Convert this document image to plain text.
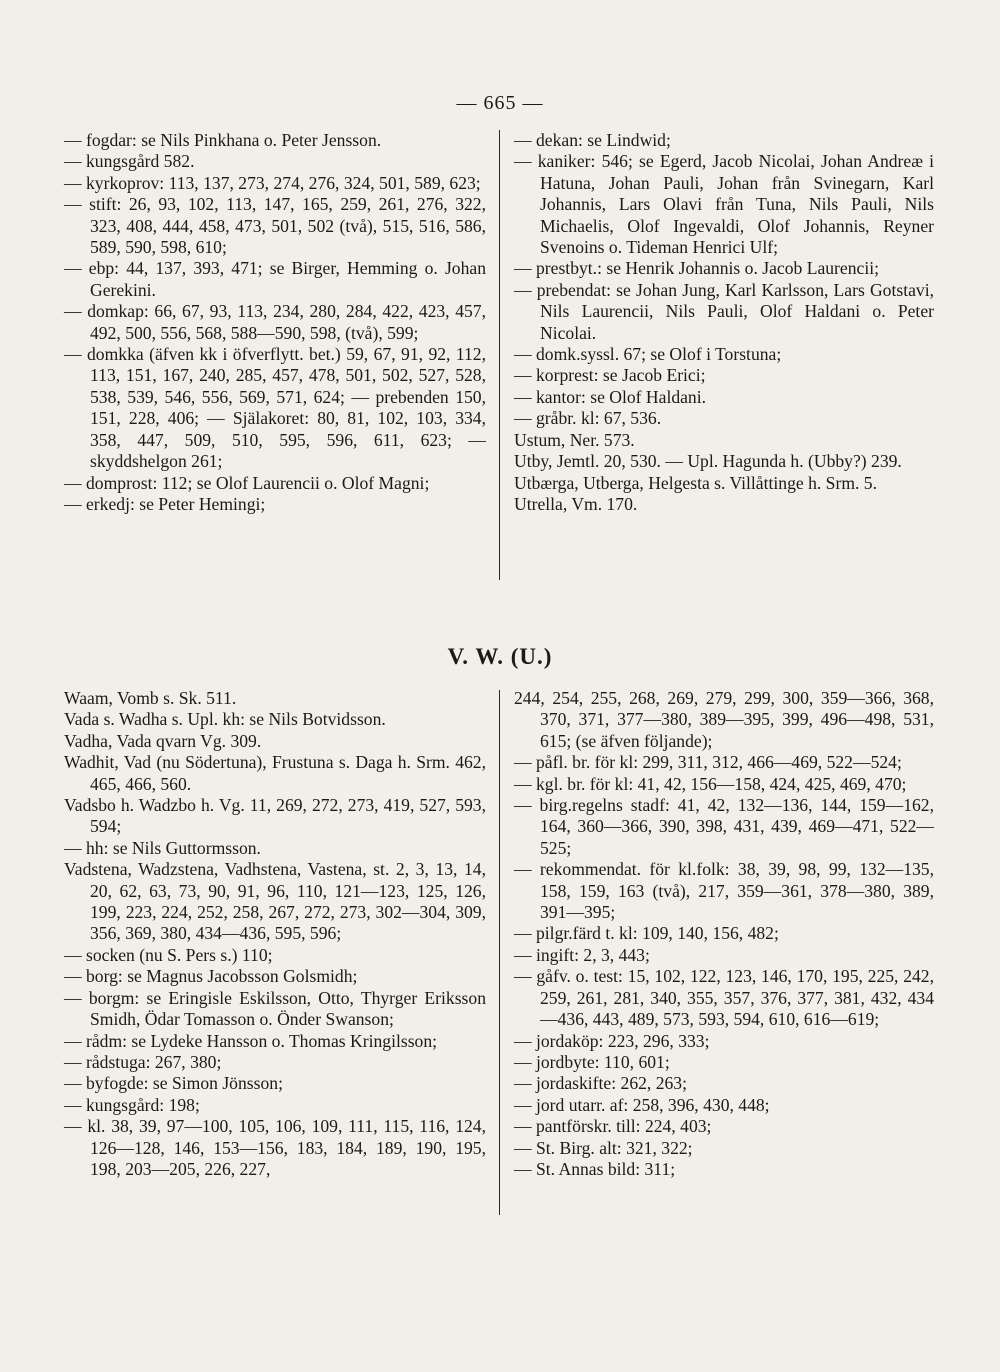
— 665 —

— fogdar: se Nils Pinkhana o. Peter Jensson.

— kungsgård 582.

— kyrkoprov: 113, 137, 273, 274, 276, 324, 501, 589, 623;

— stift: 26, 93, 102, 113, 147, 165, 259, 261, 276, 322, 323, 408, 444, 458, 473, 501, 502 (två), 515, 516, 586, 589, 590, 598, 610;

— ebp: 44, 137, 393, 471; se Birger, Hemming o. Johan Gerekini.

— domkap: 66, 67, 93, 113, 234, 280, 284, 422, 423, 457, 492, 500, 556, 568, 588—590, 598, (två), 599;

— domkka (äfven kk i öfverflytt. bet.) 59, 67, 91, 92, 112, 113, 151, 167, 240, 285, 457, 478, 501, 502, 527, 528, 538, 539, 546, 556, 569, 571, 624; — prebenden 150, 151, 228, 406; — Själakoret: 80, 81, 102, 103, 334, 358, 447, 509, 510, 595, 596, 611, 623; — skyddshelgon 261;

— domprost: 112; se Olof Laurencii o. Olof Magni;

— erkedj: se Peter Hemingi;

— dekan: se Lindwid;

— kaniker: 546; se Egerd, Jacob Nicolai, Johan Andreæ i Hatuna, Johan Pauli, Johan från Svinegarn, Karl Johannis, Lars Olavi från Tuna, Nils Pauli, Nils Michaelis, Olof Ingevaldi, Olof Johannis, Reyner Svenoins o. Tideman Henrici Ulf;

— prestbyt.: se Henrik Johannis o. Jacob Laurencii;

— prebendat: se Johan Jung, Karl Karlsson, Lars Gotstavi, Nils Laurencii, Nils Pauli, Olof Haldani o. Peter Nicolai.

— domk.syssl. 67; se Olof i Torstuna;

— korprest: se Jacob Erici;

— kantor: se Olof Haldani.

— gråbr. kl: 67, 536.

Ustum, Ner. 573.

Utby, Jemtl. 20, 530. — Upl. Hagunda h. (Ubby?) 239.

Utbærga, Utberga, Helgesta s. Villåttinge h. Srm. 5.

Utrella, Vm. 170.

V. W. (U.)

Waam, Vomb s. Sk. 511.

Vada s. Wadha s. Upl. kh: se Nils Botvidsson.

Vadha, Vada qvarn Vg. 309.

Wadhit, Vad (nu Södertuna), Frustuna s. Daga h. Srm. 462, 465, 466, 560.

Vadsbo h. Wadzbo h. Vg. 11, 269, 272, 273, 419, 527, 593, 594;

— hh: se Nils Guttormsson.

Vadstena, Wadzstena, Vadhstena, Vastena, st. 2, 3, 13, 14, 20, 62, 63, 73, 90, 91, 96, 110, 121—123, 125, 126, 199, 223, 224, 252, 258, 267, 272, 273, 302—304, 309, 356, 369, 380, 434—436, 595, 596;

— socken (nu S. Pers s.) 110;

— borg: se Magnus Jacobsson Golsmidh;

— borgm: se Eringisle Eskilsson, Otto, Thyrger Eriksson Smidh, Ödar Tomasson o. Önder Swanson;

— rådm: se Lydeke Hansson o. Thomas Kringilsson;

— rådstuga: 267, 380;

— byfogde: se Simon Jönsson;

— kungsgård: 198;

— kl. 38, 39, 97—100, 105, 106, 109, 111, 115, 116, 124, 126—128, 146, 153—156, 183, 184, 189, 190, 195, 198, 203—205, 226, 227,

244, 254, 255, 268, 269, 279, 299, 300, 359—366, 368, 370, 371, 377—380, 389—395, 399, 496—498, 531, 615; (se äfven följande);

— påfl. br. för kl: 299, 311, 312, 466—469, 522—524;

— kgl. br. för kl: 41, 42, 156—158, 424, 425, 469, 470;

— birg.regelns stadf: 41, 42, 132—136, 144, 159—162, 164, 360—366, 390, 398, 431, 439, 469—471, 522—525;

— rekommendat. för kl.folk: 38, 39, 98, 99, 132—135, 158, 159, 163 (två), 217, 359—361, 378—380, 389, 391—395;

— pilgr.färd t. kl: 109, 140, 156, 482;

— ingift: 2, 3, 443;

— gåfv. o. test: 15, 102, 122, 123, 146, 170, 195, 225, 242, 259, 261, 281, 340, 355, 357, 376, 377, 381, 432, 434—436, 443, 489, 573, 593, 594, 610, 616—619;

— jordaköp: 223, 296, 333;

— jordbyte: 110, 601;

— jordaskifte: 262, 263;

— jord utarr. af: 258, 396, 430, 448;

— pantförskr. till: 224, 403;

— St. Birg. alt: 321, 322;

— St. Annas bild: 311;
